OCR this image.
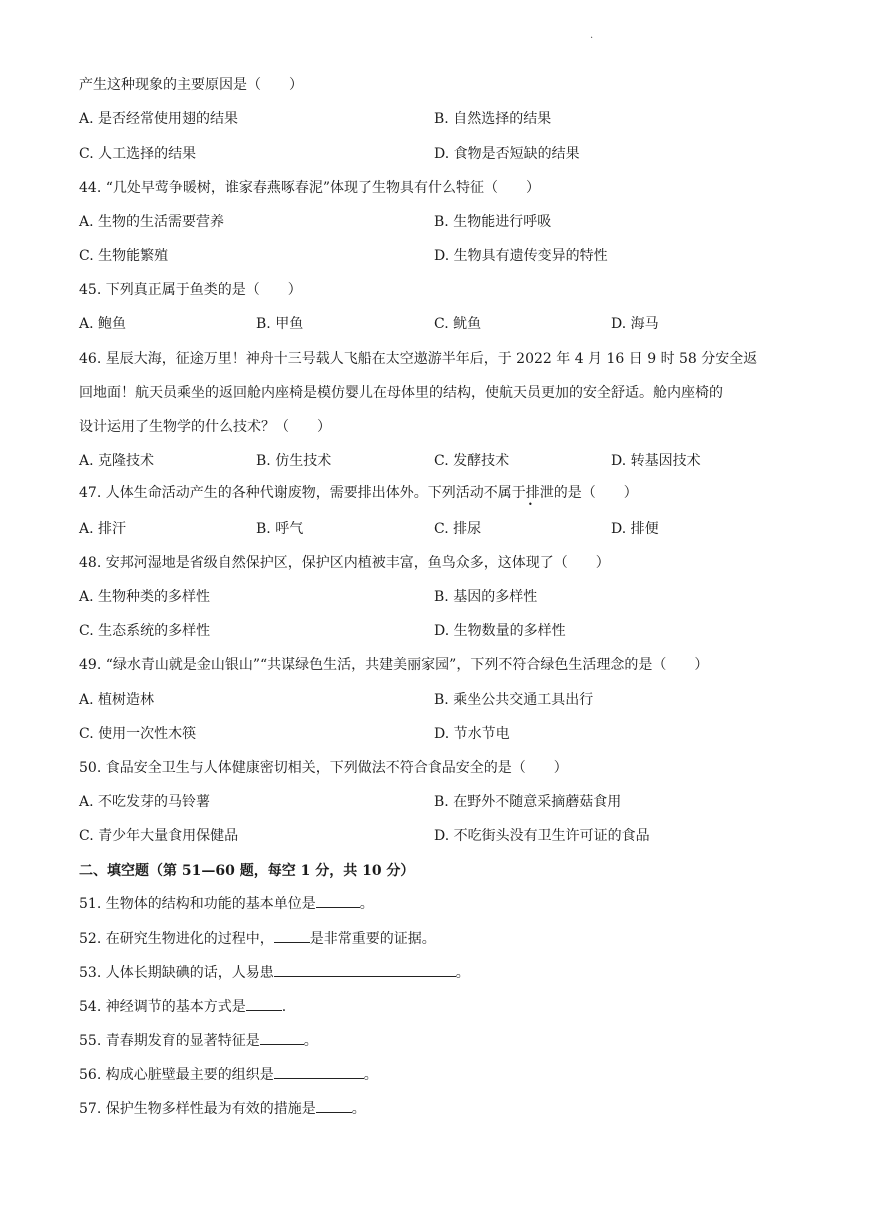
.
产生这种现象的主要原因是（　　）
A. 是否经常使用翅的结果	B. 自然选择的结果
C. 人工选择的结果	D. 食物是否短缺的结果
44. “几处早莺争暖树，谁家春燕啄春泥”体现了生物具有什么特征（　　）
A. 生物的生活需要营养	B. 生物能进行呼吸
C. 生物能繁殖	D. 生物具有遗传变异的特性
45. 下列真正属于鱼类的是（　　）
A. 鲍鱼	B. 甲鱼	C. 鱿鱼	D. 海马
46. 星辰大海，征途万里！神舟十三号载人飞船在太空遨游半年后，于 2022 年 4 月 16 日 9 时 58 分安全返
回地面！航天员乘坐的返回舱内座椅是模仿婴儿在母体里的结构，使航天员更加的安全舒适。舱内座椅的
设计运用了生物学的什么技术？（　　）
A. 克隆技术	B. 仿生技术	C. 发酵技术	D. 转基因技术
47. 人体生命活动产生的各种代谢废物，需要排出体外。下列活动不属于排泄的是（　　）
•
A. 排汗	B. 呼气	C. 排尿	D. 排便
48. 安邦河湿地是省级自然保护区，保护区内植被丰富，鱼鸟众多，这体现了（　　）
A. 生物种类的多样性	B. 基因的多样性
C. 生态系统的多样性	D. 生物数量的多样性
49. “绿水青山就是金山银山”“共谋绿色生活，共建美丽家园”，下列不符合绿色生活理念的是（　　）
A. 植树造林	B. 乘坐公共交通工具出行
C. 使用一次性木筷	D. 节水节电
50. 食品安全卫生与人体健康密切相关，下列做法不符合食品安全的是（　　）
A. 不吃发芽的马铃薯	B. 在野外不随意采摘蘑菇食用
C. 青少年大量食用保健品	D. 不吃街头没有卫生许可证的食品
二、填空题（第 51—60 题，每空 1 分，共 10 分）
51. 生物体的结构和功能的基本单位是	。
52. 在研究生物进化的过程中，	是非常重要的证据。
53. 人体长期缺碘的话，人易患	。
54. 神经调节的基本方式是	.
55. 青春期发育的显著特征是	。
56. 构成心脏壁最主要的组织是	。
57. 保护生物多样性最为有效的措施是	。
